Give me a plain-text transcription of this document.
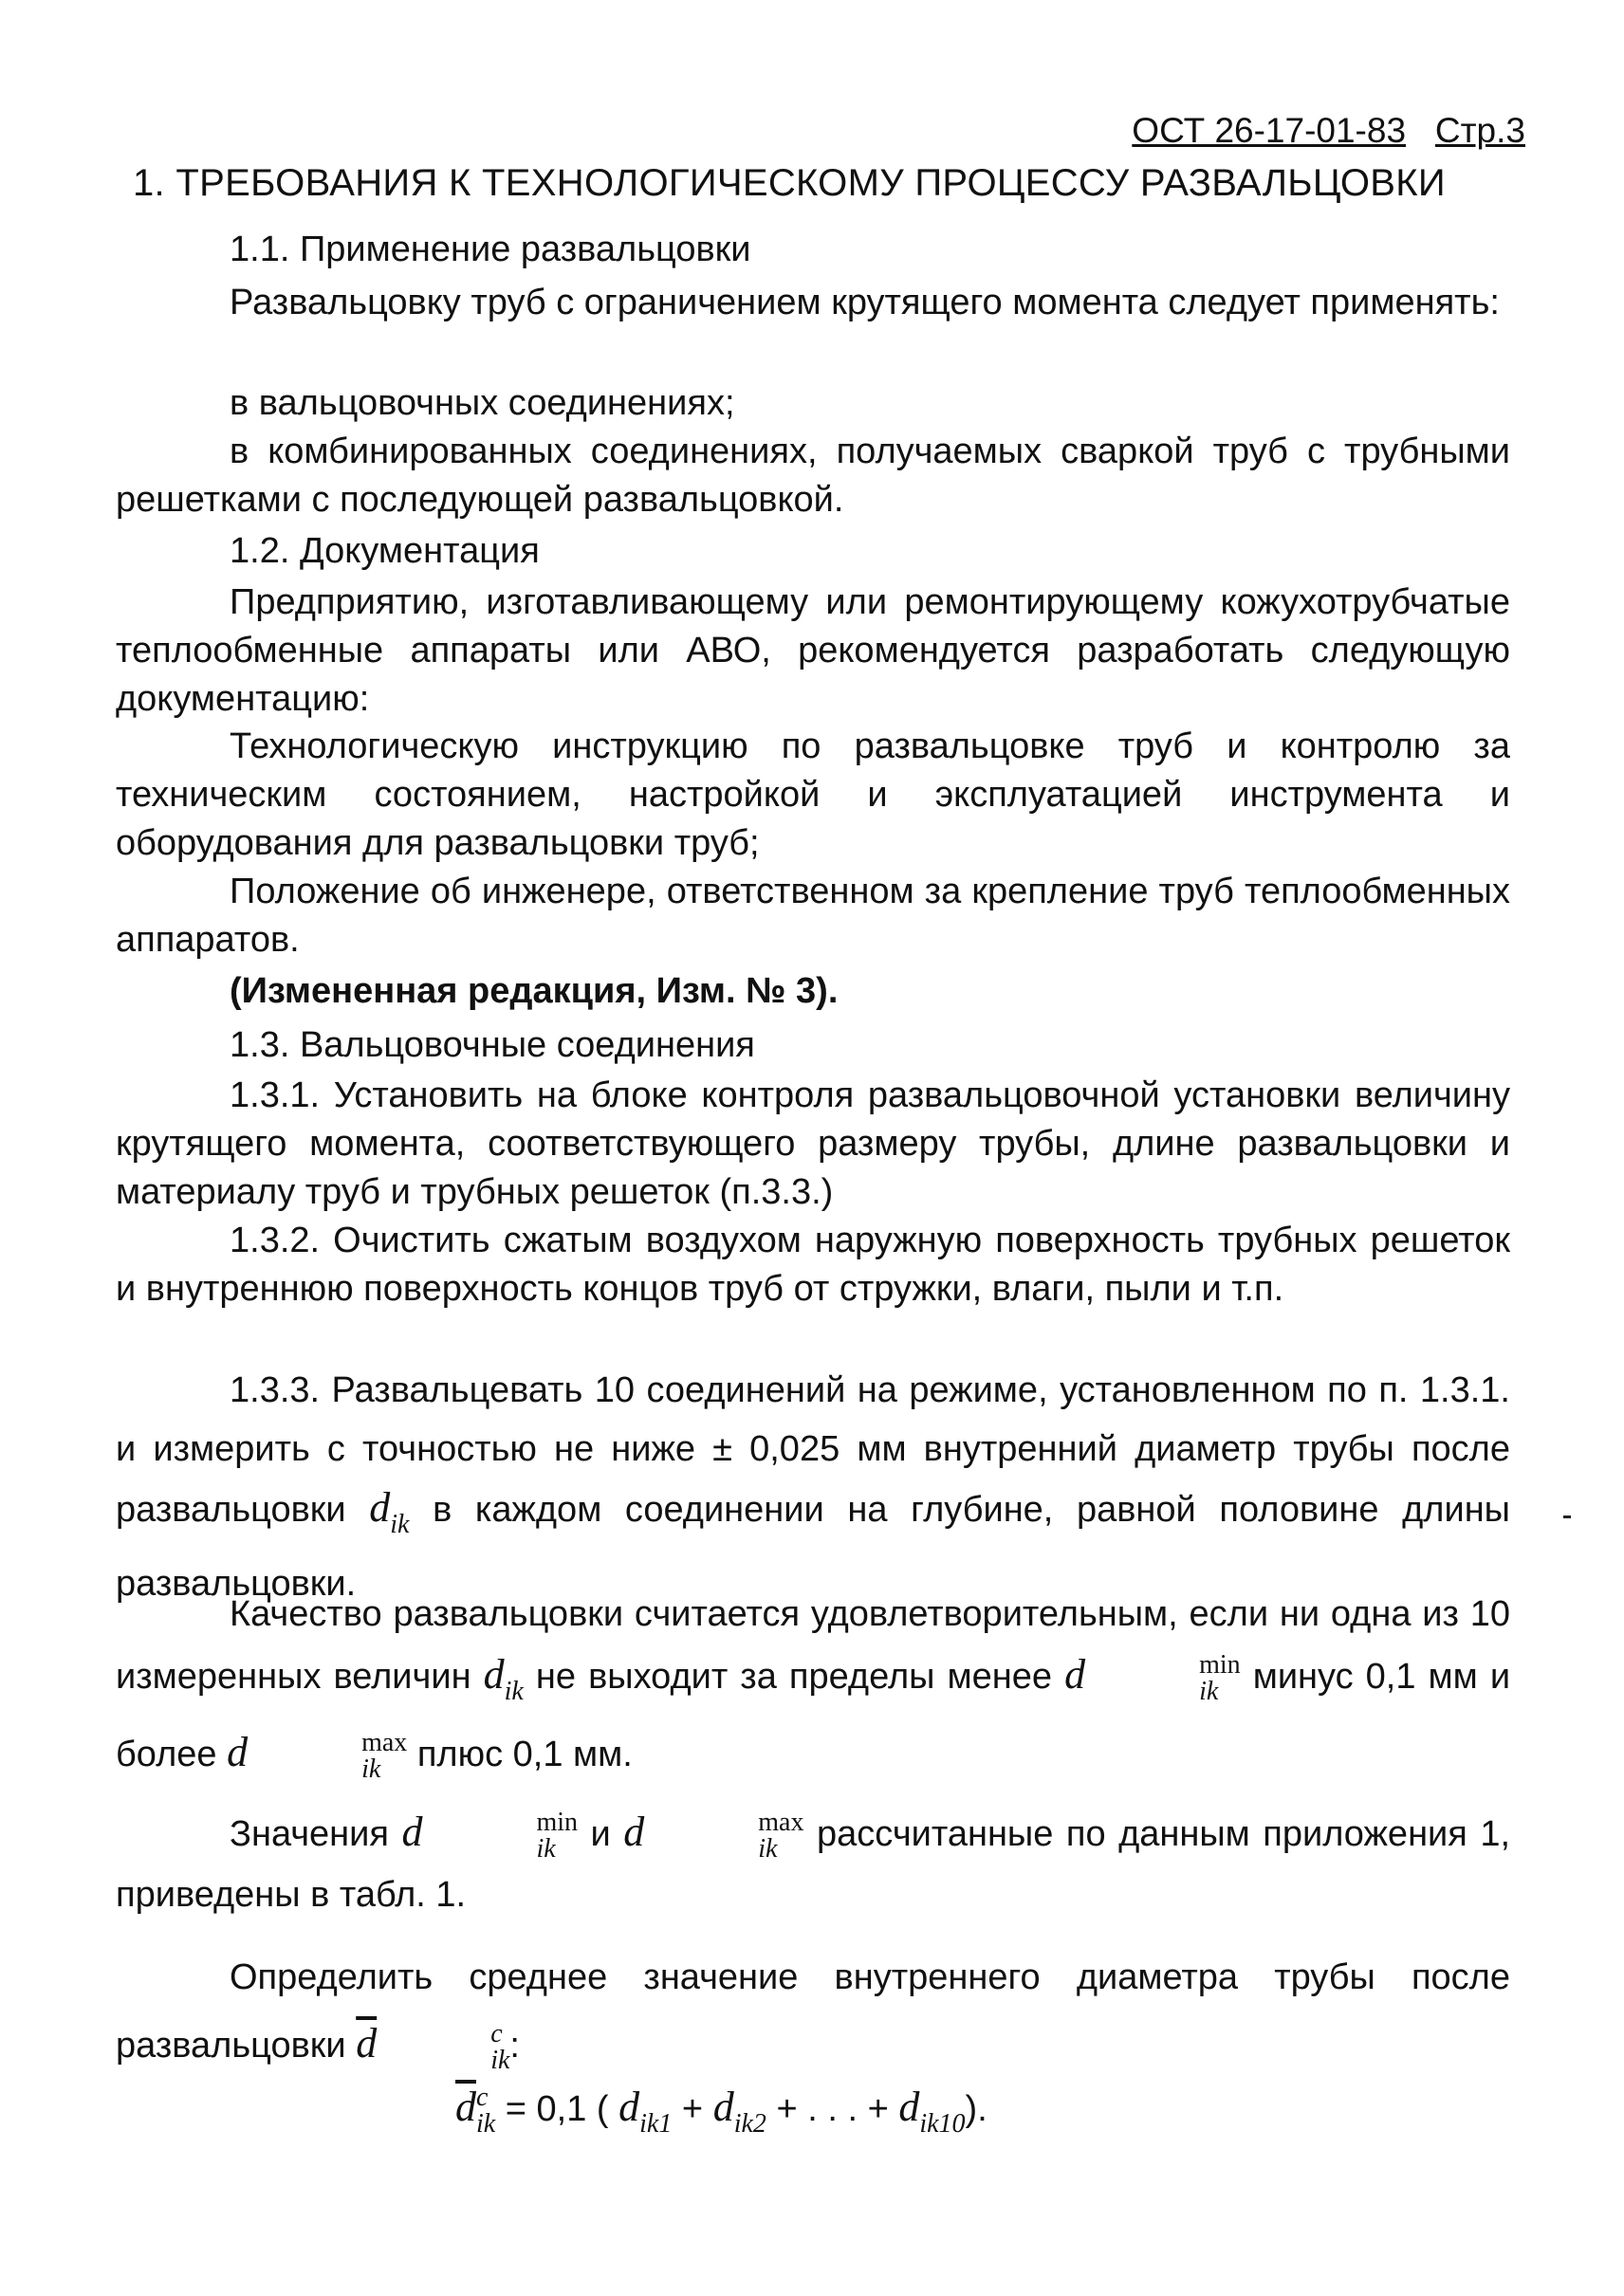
ОСТ 26-17-01-83 Стр.3
1. ТРЕБОВАНИЯ К ТЕХНОЛОГИЧЕСКОМУ ПРОЦЕССУ РАЗВАЛЬЦОВКИ
1.1. Применение развальцовки
Развальцовку труб с ограничением крутящего момента следует применять:
в вальцовочных соединениях;
в комбинированных соединениях, получаемых сваркой труб с трубными решетками с последующей развальцовкой.
1.2. Документация
Предприятию, изготавливающему или ремонтирующему кожухотрубчатые теплообменные аппараты или АВО, рекомендуется разработать следующую документацию:
Технологическую инструкцию по развальцовке труб и контролю за техническим состоянием, настройкой и эксплуатацией инструмента и оборудования для развальцовки труб;
Положение об инженере, ответственном за крепление труб теплообменных аппаратов.
(Измененная редакция, Изм. № 3).
1.3. Вальцовочные соединения
1.3.1. Установить на блоке контроля развальцовочной установки величину крутящего момента, соответствующего размеру трубы, длине развальцовки и материалу труб и трубных решеток (п.3.3.)
1.3.2. Очистить сжатым воздухом наружную поверхность трубных решеток и внутреннюю поверхность концов труб от стружки, влаги, пыли и т.п.
1.3.3. Развальцевать 10 соединений на режиме, установленном по п. 1.3.1. и измерить с точностью не ниже ± 0,025 мм внутренний диаметр трубы после развальцовки $d_{ik}$ в каждом соединении на глубине, равной половине длины развальцовки.
Качество развальцовки считается удовлетворительным, если ни одна из 10 измеренных величин $d_{ik}$ не выходит за пределы менее d	min
ik минус 0,1 мм и более d	max
ik	плюс 0,1 мм.
Значения d	min
ik и d	max
ik	рассчитанные по данным приложения 1, приведены в табл. 1.
Определить среднее значение внутреннего диаметра трубы после развальцовки $\overline{d}$	c
ik :
$\overline{d}$ c
ik = 0,1 ( $d_{ik1} + d_{ik2}$ + . . . + $d_{ik10}$).
